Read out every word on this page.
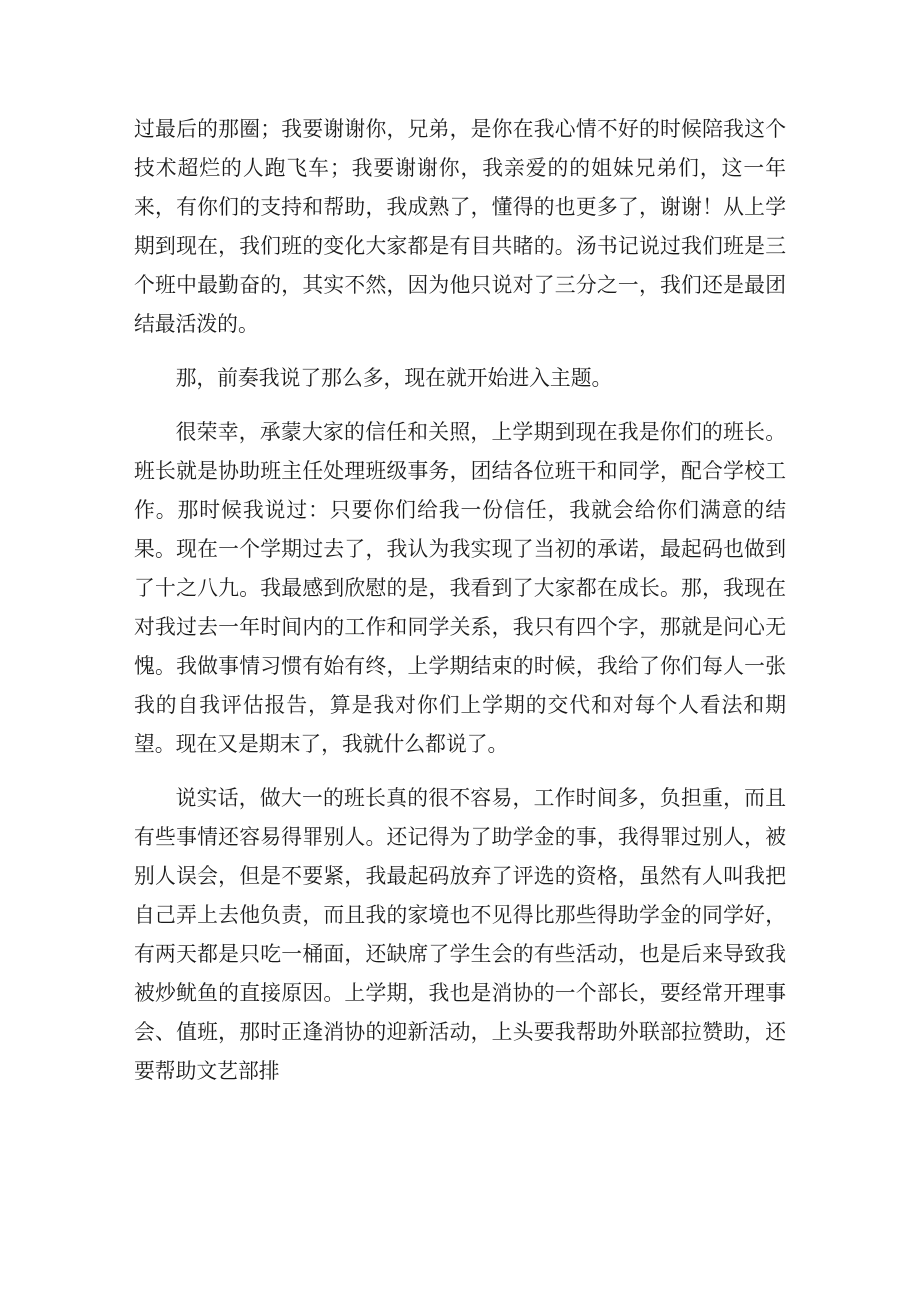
过最后的那圈；我要谢谢你，兄弟，是你在我心情不好的时候陪我这个技术超烂的人跑飞车；我要谢谢你，我亲爱的的姐妹兄弟们，这一年来，有你们的支持和帮助，我成熟了，懂得的也更多了，谢谢！从上学期到现在，我们班的变化大家都是有目共睹的。汤书记说过我们班是三个班中最勤奋的，其实不然，因为他只说对了三分之一，我们还是最团结最活泼的。

那，前奏我说了那么多，现在就开始进入主题。

很荣幸，承蒙大家的信任和关照，上学期到现在我是你们的班长。班长就是协助班主任处理班级事务，团结各位班干和同学，配合学校工作。那时候我说过：只要你们给我一份信任，我就会给你们满意的结果。现在一个学期过去了，我认为我实现了当初的承诺，最起码也做到了十之八九。我最感到欣慰的是，我看到了大家都在成长。那，我现在对我过去一年时间内的工作和同学关系，我只有四个字，那就是问心无愧。我做事情习惯有始有终，上学期结束的时候，我给了你们每人一张我的自我评估报告，算是我对你们上学期的交代和对每个人看法和期望。现在又是期末了，我就什么都说了。

说实话，做大一的班长真的很不容易，工作时间多，负担重，而且有些事情还容易得罪别人。还记得为了助学金的事，我得罪过别人，被别人误会，但是不要紧，我最起码放弃了评选的资格，虽然有人叫我把自己弄上去他负责，而且我的家境也不见得比那些得助学金的同学好，有两天都是只吃一桶面，还缺席了学生会的有些活动，也是后来导致我被炒鱿鱼的直接原因。上学期，我也是消协的一个部长，要经常开理事会、值班，那时正逢消协的迎新活动，上头要我帮助外联部拉赞助，还要帮助文艺部排
